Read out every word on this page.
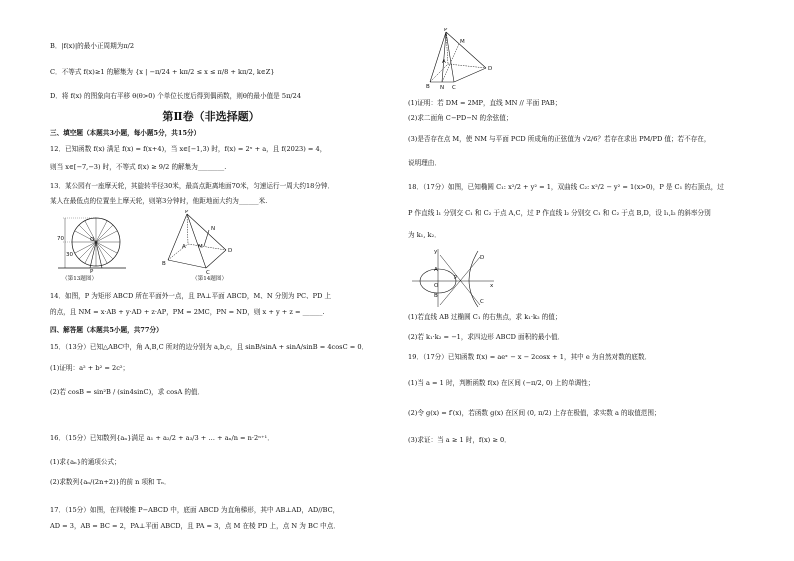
B．|f(x)|的最小正周期为π/2
C．不等式 f(x)≥1 的解集为 {x | −π/24 + kπ/2 ≤ x ≤ π/8 + kπ/2, k∈Z}
D．将 f(x) 的图象向右平移 θ(θ>0) 个单位长度后得到偶函数，则θ的最小值是 5π/24
第Ⅱ卷（非选择题）
三、填空题（本题共3小题，每小题5分，共15分）
12．已知函数 f(x) 满足 f(x) = f(x+4)，当 x∈[−1,3) 时，f(x) = 2ˣ + a，且 f(2023) = 4，
则当 x∈[−7,−3) 时，不等式 f(x) ≥ 9/2 的解集为________.
13．某公园有一座摩天轮，其旋转半径30米，最高点距离地面70米，匀速运行一周大约18分钟．
某人在最低点的位置坐上摩天轮，则第3分钟时，他距地面大约为______米.
70
30
O
P
（第13题图）
P
N
M
A
B
C
D
（第14题图）
14．如图，P 为矩形 ABCD 所在平面外一点，且 PA⊥平面 ABCD，M、N 分别为 PC、PD 上
的点，且 NM = x·AB + y·AD + z·AP，PM = 2MC，PN = ND，则 x + y + z = ______.
四、解答题（本题共5小题，共77分）
15．（13分）已知△ABC中，角 A,B,C 所对的边分别为 a,b,c，且 sinB/sinA + sinA/sinB = 4cosC = 0．
(1)证明：a² + b² = 2c²；
(2)若 cosB = sin²B / (sin4sinC)，求 cosA 的值．
16．（15分）已知数列{aₙ}满足 a₁ + a₂/2 + a₃/3 + … + aₙ/n = n·2ⁿ⁺¹．
(1)求{aₙ}的通项公式；
(2)求数列{aₙ/(2n+2)}的前 n 项和 Tₙ．
17．（15分）如图，在四棱锥 P−ABCD 中，底面 ABCD 为直角梯形，其中 AB⊥AD，AD//BC，
AD = 3，AB = BC = 2，PA⊥平面 ABCD，且 PA = 3，点 M 在棱 PD 上，点 N 为 BC 中点．
P
M
A
B N C
D
(1)证明：若 DM = 2MP，直线 MN // 平面 PAB；
(2)求二面角 C−PD−N 的余弦值；
(3)是否存在点 M，使 NM 与平面 PCD 所成角的正弦值为 √2/6？若存在求出 PM/PD 值；若不存在，
说明理由．
18．（17分）如图，已知椭圆 C₁: x²/2 + y² = 1，双曲线 C₂: x²/2 − y² = 1(x>0)，P 是 C₁ 的右顶点，过
P 作直线 l₁ 分别交 C₁ 和 C₂ 于点 A,C，过 P 作直线 l₂ 分别交 C₁ 和 C₂ 于点 B,D，设 l₁,l₂ 的斜率分别
为 k₁, k₂．
y
A
P
O	x
B
D
C
(1)若直线 AB 过椭圆 C₁ 的右焦点，求 k₁·k₂ 的值；
(2)若 k₁·k₂ = −1，求四边形 ABCD 面积的最小值．
19．（17分）已知函数 f(x) = aeˣ − x − 2cosx + 1，其中 e 为自然对数的底数．
(1)当 a = 1 时，判断函数 f(x) 在区间 (−π/2, 0) 上的单调性；
(2)令 g(x) = f′(x)，若函数 g(x) 在区间 (0, π/2) 上存在极值，求实数 a 的取值范围；
(3)求证：当 a ≥ 1 时，f(x) ≥ 0．
